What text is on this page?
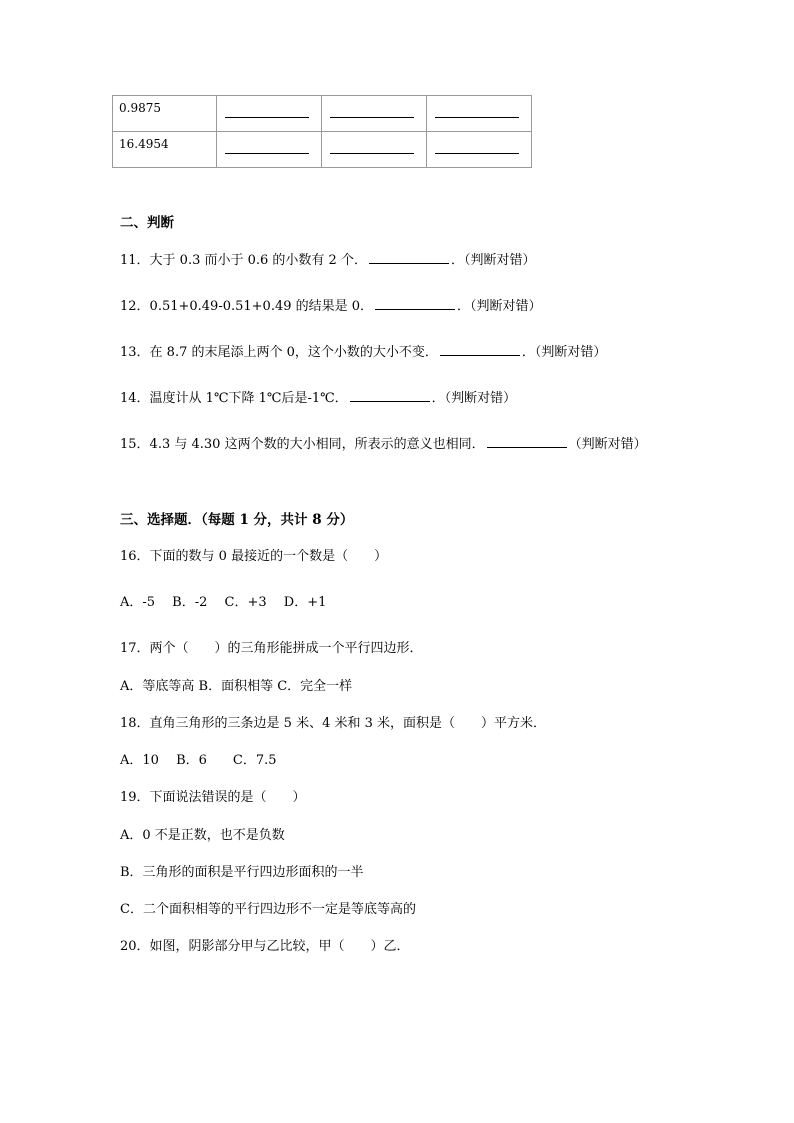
0.9875	

16.4954	

二、判断
11．大于 0.3 而小于 0.6 的小数有 2 个．	．（判断对错）
12．0.51+0.49-0.51+0.49 的结果是 0．	．（判断对错）
13．在 8.7 的末尾添上两个 0，这个小数的大小不变．	．（判断对错）
14．温度计从 1℃下降 1℃后是-1℃．	．（判断对错）
15．4.3 与 4.30 这两个数的大小相同，所表示的意义也相同．	（判断对错）
三、选择题．（每题 1 分，共计 8 分）
16．下面的数与 0 最接近的一个数是（　　）
A．-5　 B．-2　 C．+3　 D．+1
17．两个（　　）的三角形能拼成一个平行四边形．
A．等底等高 B．面积相等 C．完全一样
18．直角三角形的三条边是 5 米、4 米和 3 米，面积是（　　）平方米．
A．10　 B．6　　C．7.5
19．下面说法错误的是（　　）
A．0 不是正数，也不是负数
B．三角形的面积是平行四边形面积的一半
C．二个面积相等的平行四边形不一定是等底等高的
20．如图，阴影部分甲与乙比较，甲（　　）乙．
